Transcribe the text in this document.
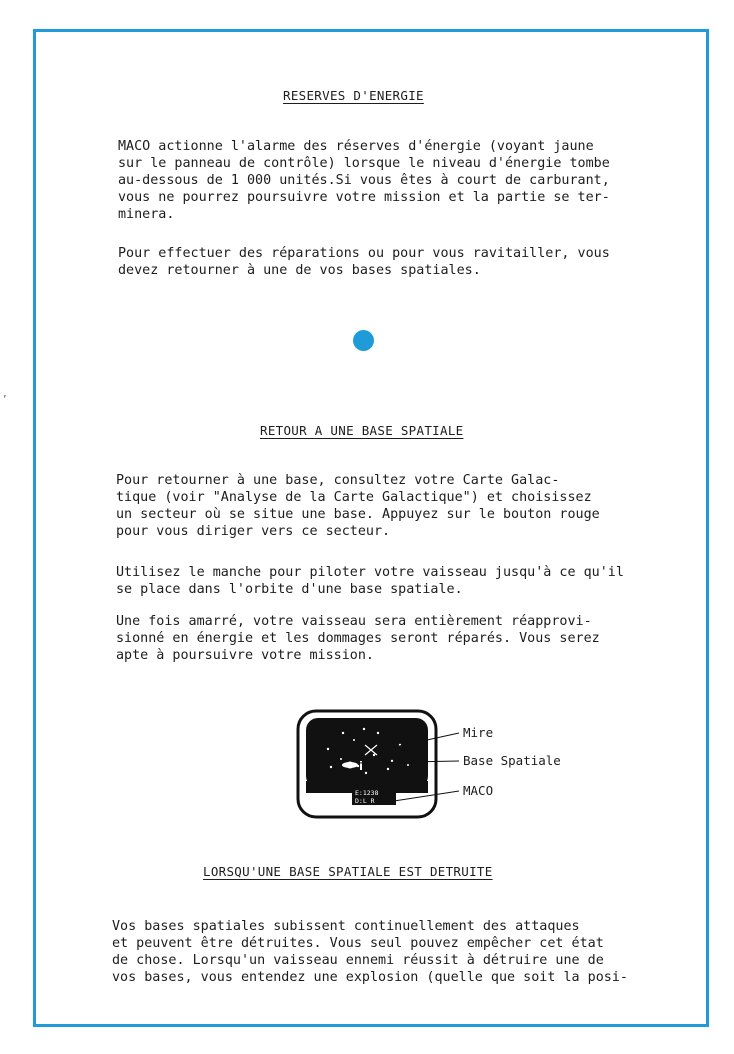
RESERVES D'ENERGIE

MACO actionne l'alarme des réserves d'énergie (voyant jaune
sur le panneau de contrôle) lorsque le niveau d'énergie tombe
au-dessous de 1 000 unités.Si vous êtes à court de carburant,
vous ne pourrez poursuivre votre mission et la partie se ter-
minera.

Pour effectuer des réparations ou pour vous ravitailler, vous
devez retourner à une de vos bases spatiales.

RETOUR A UNE BASE SPATIALE

Pour retourner à une base, consultez votre Carte Galac-
tique (voir "Analyse de la Carte Galactique") et choisissez
un secteur où se situe une base. Appuyez sur le bouton rouge
pour vous diriger vers ce secteur.

Utilisez le manche pour piloter votre vaisseau jusqu'à ce qu'il
se place dans l'orbite d'une base spatiale.

Une fois amarré, votre vaisseau sera entièrement réapprovi-
sionné en énergie et les dommages seront réparés. Vous serez
apte à poursuivre votre mission.

E:1238
D:L R
Mire
Base Spatiale
MACO
LORSQU'UNE BASE SPATIALE EST DETRUITE

Vos bases spatiales subissent continuellement des attaques
et peuvent être détruites. Vous seul pouvez empêcher cet état
de chose. Lorsqu'un vaisseau ennemi réussit à détruire une de
vos bases, vous entendez une explosion (quelle que soit la posi-

’
